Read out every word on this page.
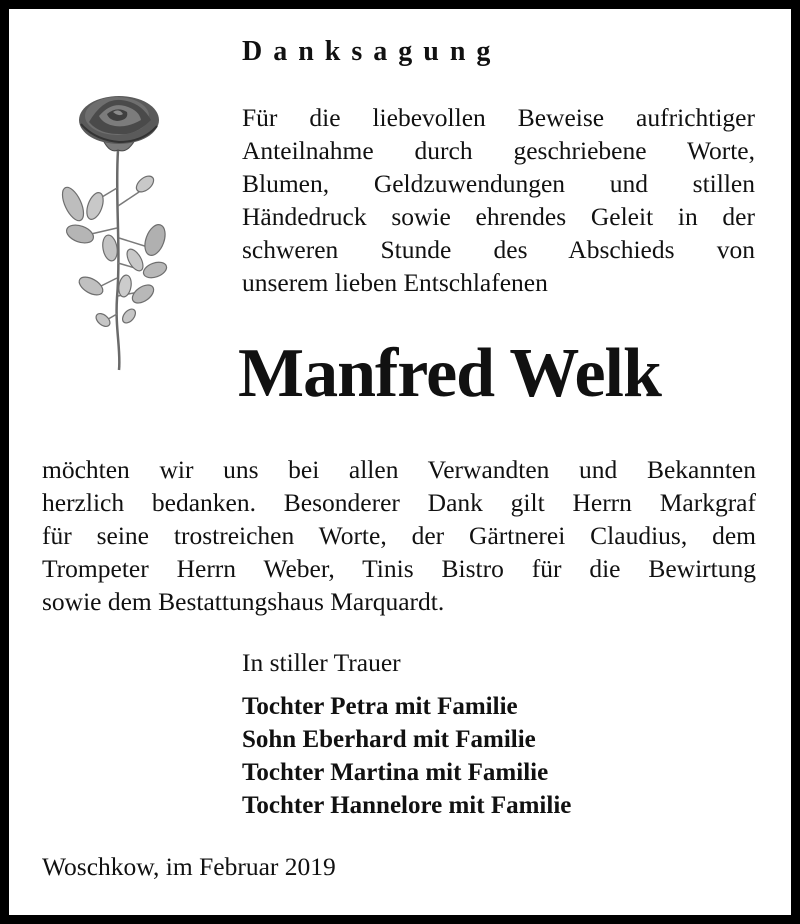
Danksagung
Für die liebevollen Beweise aufrichtiger
Anteilnahme durch geschriebene Worte,
Blumen, Geldzuwendungen und stillen
Händedruck sowie ehrendes Geleit in der
schweren Stunde des Abschieds von
unserem lieben Entschlafenen
Manfred Welk
möchten wir uns bei allen Verwandten und Bekannten
herzlich bedanken. Besonderer Dank gilt Herrn Markgraf
für seine trostreichen Worte, der Gärtnerei Claudius, dem
Trompeter Herrn Weber, Tinis Bistro für die Bewirtung
sowie dem Bestattungshaus Marquardt.
In stiller Trauer
Tochter Petra mit Familie
Sohn Eberhard mit Familie
Tochter Martina mit Familie
Tochter Hannelore mit Familie
Woschkow, im Februar 2019
